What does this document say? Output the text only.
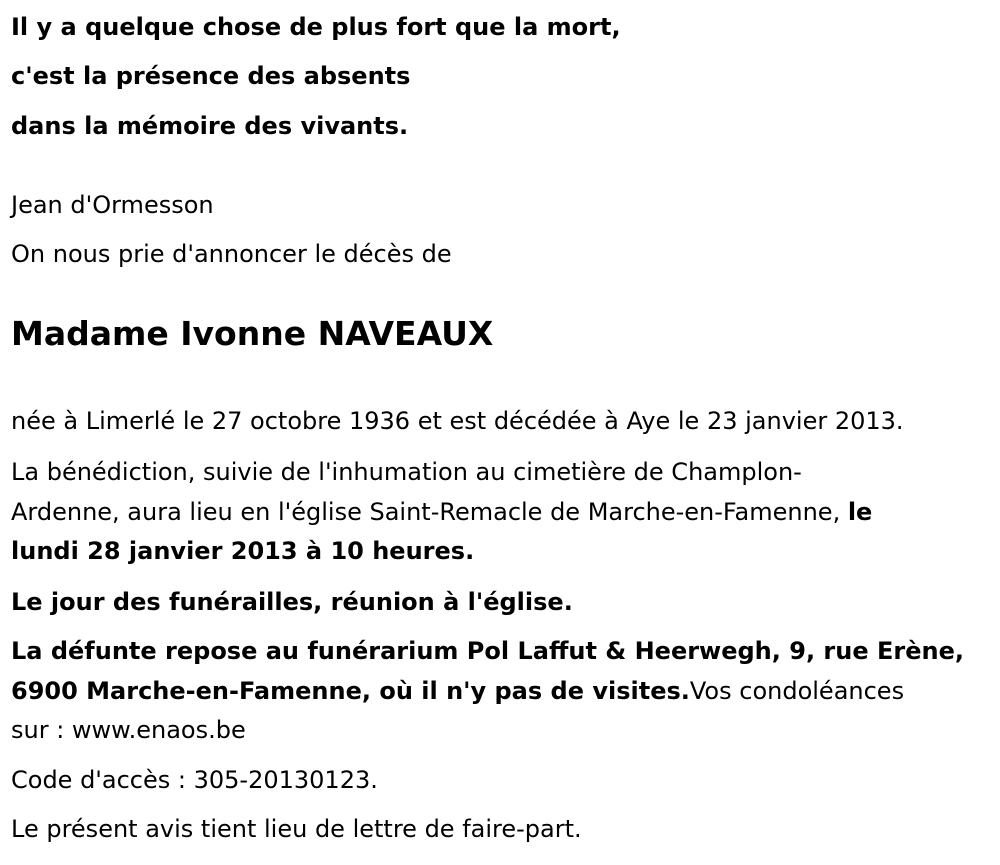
Il y a quelque chose de plus fort que la mort,
c'est la présence des absents
dans la mémoire des vivants.
Jean d'Ormesson
On nous prie d'annoncer le décès de
Madame Ivonne NAVEAUX
née à Limerlé le 27 octobre 1936 et est décédée à Aye le 23 janvier 2013.
La bénédiction, suivie de l'inhumation au cimetière de Champlon-
Ardenne, aura lieu en l'église Saint-Remacle de Marche-en-Famenne, le
lundi 28 janvier 2013 à 10 heures.
Le jour des funérailles, réunion à l'église.
La défunte repose au funérarium Pol Laffut & Heerwegh, 9, rue Erène,
6900 Marche-en-Famenne, où il n'y pas de visites.Vos condoléances
sur : www.enaos.be
Code d'accès : 305-20130123.
Le présent avis tient lieu de lettre de faire-part.
